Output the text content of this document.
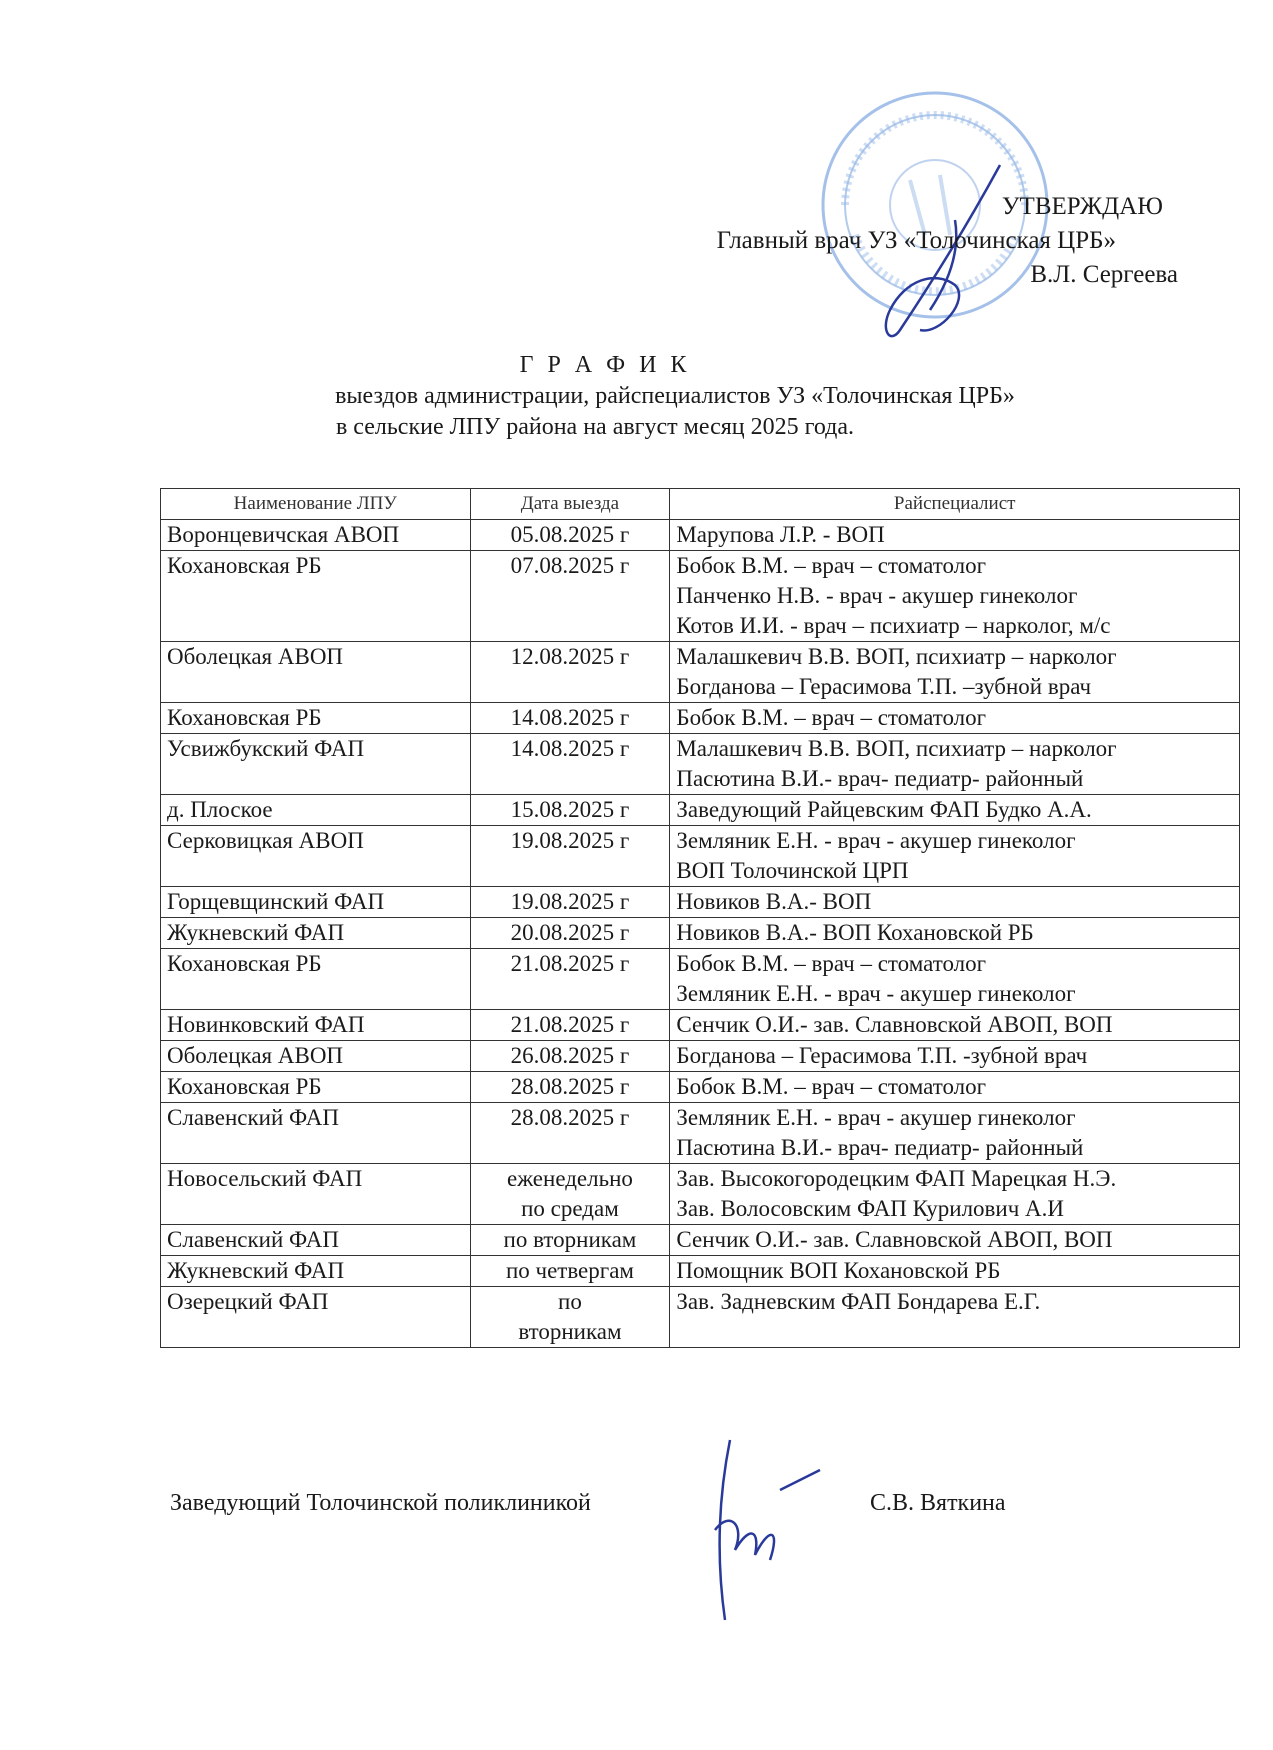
УТВЕРЖДАЮ
Главный врач УЗ «Толочинская ЦРБ»
В.Л. Сергеева
Г Р А Ф И К
выездов администрации, райспециалистов УЗ «Толочинская ЦРБ»
в сельские ЛПУ района на август месяц 2025 года.
Наименование ЛПУ	Дата выезда	Райспециалист
Воронцевичская АВОП	05.08.2025 г	Марупова Л.Р. - ВОП

Кохановская РБ	07.08.2025 г	Бобок В.М. – врач – стоматолог
Панченко Н.В. - врач - акушер гинеколог
Котов И.И. - врач – психиатр – нарколог, м/с

Оболецкая АВОП	12.08.2025 г	Малашкевич В.В. ВОП, психиатр – нарколог
Богданова – Герасимова Т.П. –зубной врач

Кохановская РБ	14.08.2025 г	Бобок В.М. – врач – стоматолог

Усвижбукский ФАП	14.08.2025 г	Малашкевич В.В. ВОП, психиатр – нарколог
Пасютина В.И.- врач- педиатр- районный

д. Плоское	15.08.2025 г	Заведующий Райцевским ФАП Будко А.А.

Серковицкая АВОП	19.08.2025 г	Земляник Е.Н. - врач - акушер гинеколог
ВОП Толочинской ЦРП

Горщевщинский ФАП	19.08.2025 г	Новиков В.А.- ВОП

Жукневский ФАП	20.08.2025 г	Новиков В.А.- ВОП Кохановской РБ

Кохановская РБ	21.08.2025 г	Бобок В.М. – врач – стоматолог
Земляник Е.Н. - врач - акушер гинеколог

Новинковский ФАП	21.08.2025 г	Сенчик О.И.- зав. Славновской АВОП, ВОП

Оболецкая АВОП	26.08.2025 г	Богданова – Герасимова Т.П. -зубной врач

Кохановская РБ	28.08.2025 г	Бобок В.М. – врач – стоматолог

Славенский ФАП	28.08.2025 г	Земляник Е.Н. - врач - акушер гинеколог
Пасютина В.И.- врач- педиатр- районный

Новосельский ФАП	еженедельно
по средам	Зав. Высокогородецким ФАП Марецкая Н.Э.
Зав. Волосовским ФАП Курилович А.И

Славенский ФАП	по вторникам	Сенчик О.И.- зав. Славновской АВОП, ВОП

Жукневский ФАП	по четвергам	Помощник ВОП Кохановской РБ

Озерецкий ФАП	по
вторникам	Зав. Задневским ФАП Бондарева Е.Г.
Заведующий Толочинской поликлиникой	С.В. Вяткина
